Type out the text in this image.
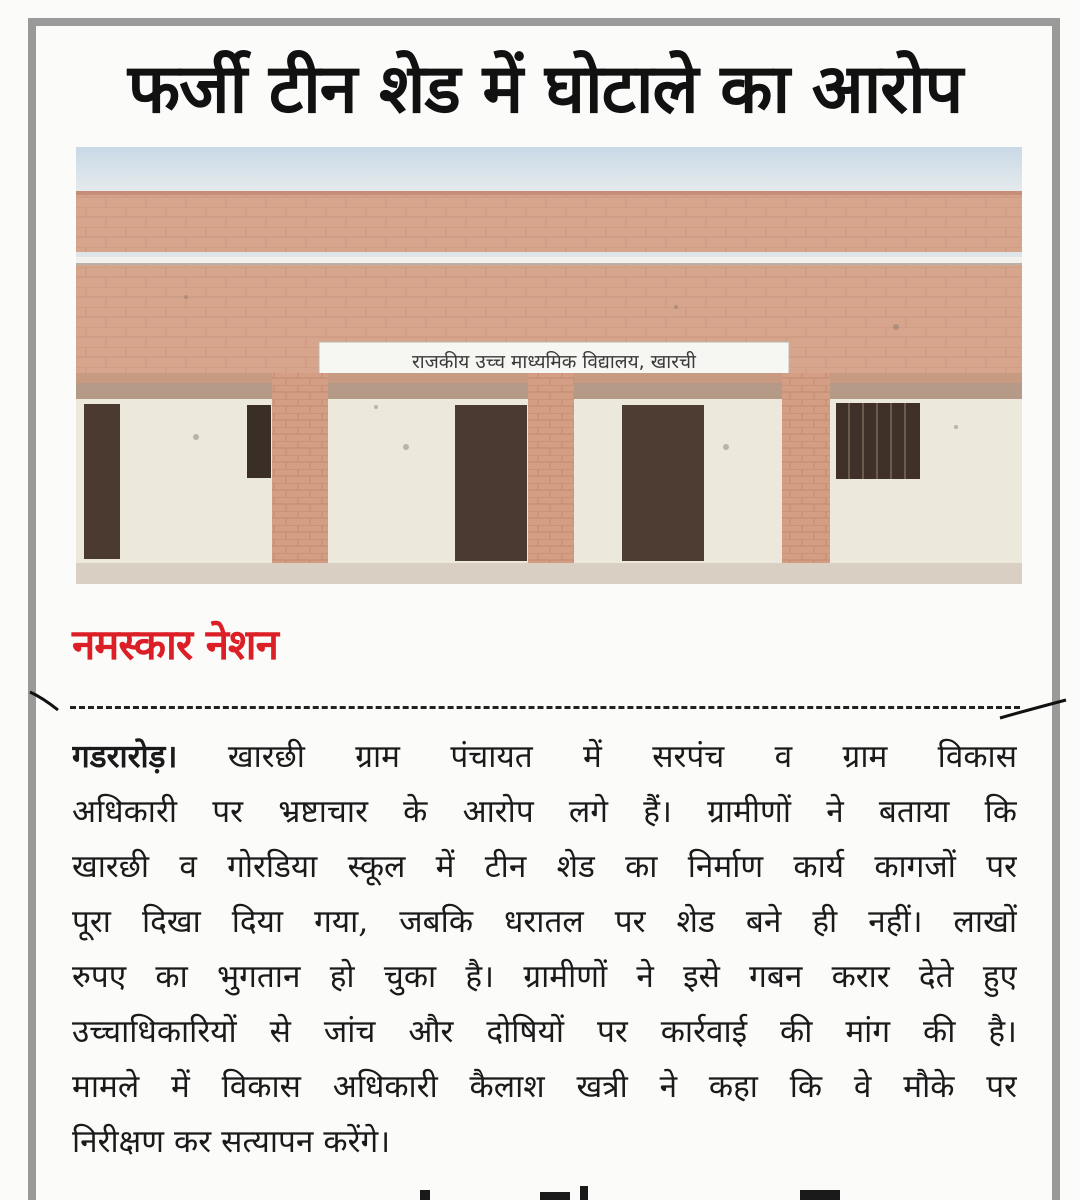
फर्जी टीन शेड में घोटाले का आरोप
राजकीय उच्च माध्यमिक विद्यालय, खारची
नमस्कार नेशन
गडरारोड़। खारछी ग्राम पंचायत में सरपंच व ग्राम विकास
अधिकारी पर भ्रष्टाचार के आरोप लगे हैं। ग्रामीणों ने बताया कि
खारछी व गोरडिया स्कूल में टीन शेड का निर्माण कार्य कागजों पर
पूरा दिखा दिया गया, जबकि धरातल पर शेड बने ही नहीं। लाखों
रुपए का भुगतान हो चुका है। ग्रामीणों ने इसे गबन करार देते हुए
उच्चाधिकारियों से जांच और दोषियों पर कार्रवाई की मांग की है।
मामले में विकास अधिकारी कैलाश खत्री ने कहा कि वे मौके पर
निरीक्षण कर सत्यापन करेंगे।
